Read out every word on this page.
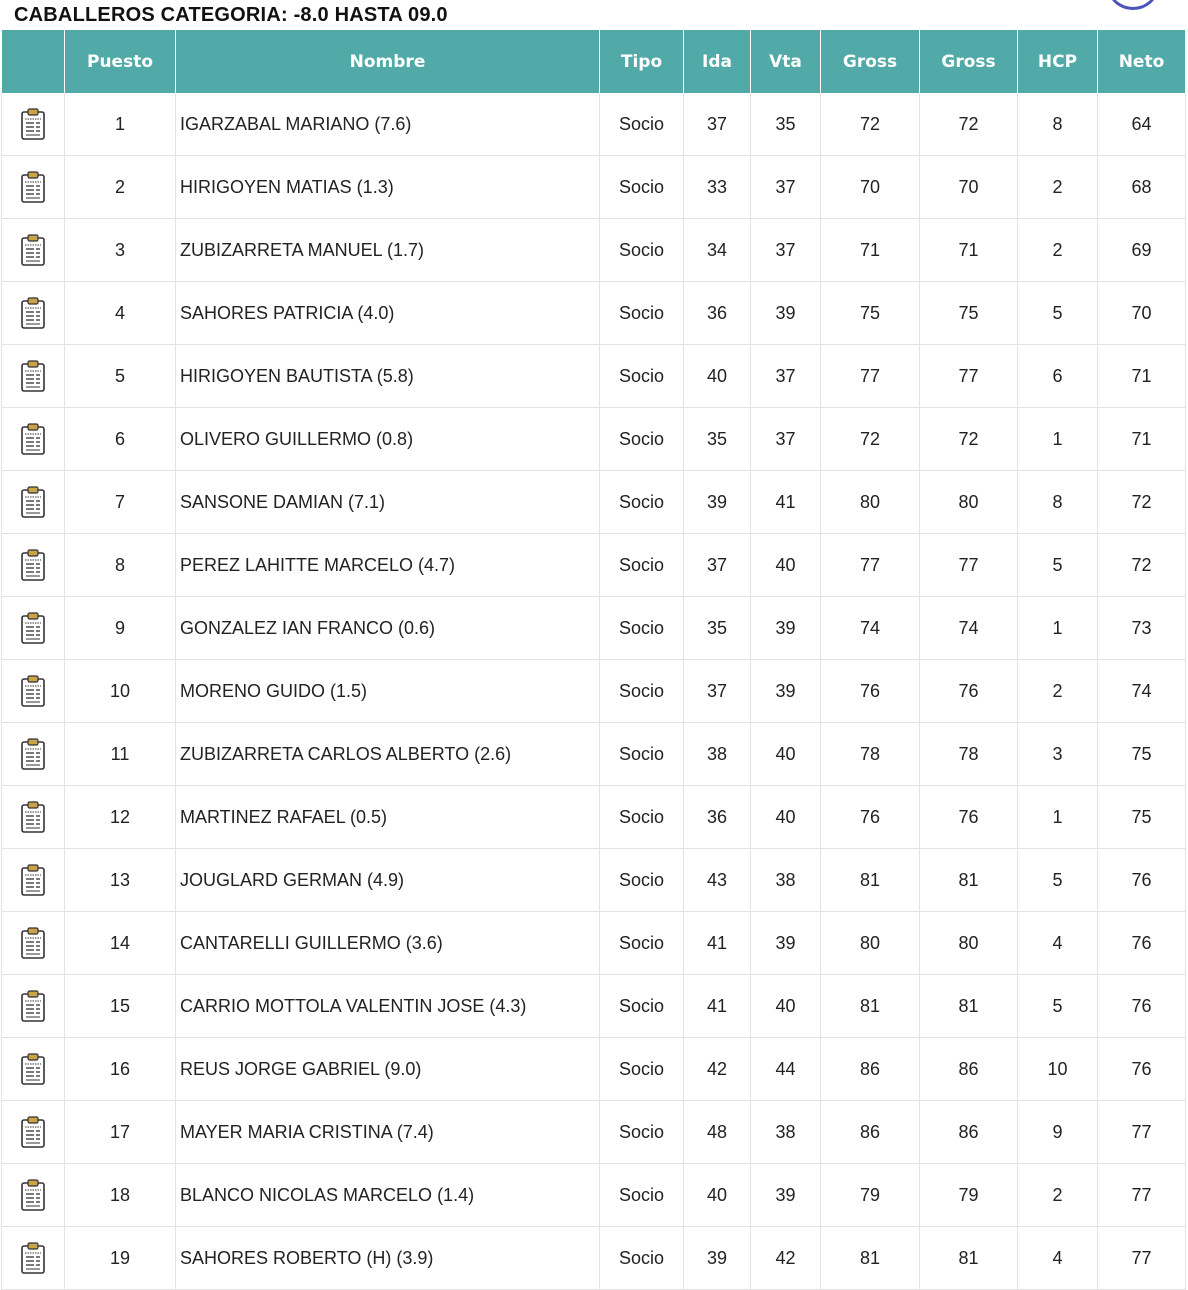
CABALLEROS CATEGORIA: -8.0 HASTA 09.0
	Puesto	Nombre	Tipo	Ida	Vta	Gross	Gross	HCP	Neto
	1	IGARZABAL MARIANO (7.6)	Socio	37	35	72	72	8	64
	2	HIRIGOYEN MATIAS (1.3)	Socio	33	37	70	70	2	68
	3	ZUBIZARRETA MANUEL (1.7)	Socio	34	37	71	71	2	69
	4	SAHORES PATRICIA (4.0)	Socio	36	39	75	75	5	70
	5	HIRIGOYEN BAUTISTA (5.8)	Socio	40	37	77	77	6	71
	6	OLIVERO GUILLERMO (0.8)	Socio	35	37	72	72	1	71
	7	SANSONE DAMIAN (7.1)	Socio	39	41	80	80	8	72
	8	PEREZ LAHITTE MARCELO (4.7)	Socio	37	40	77	77	5	72
	9	GONZALEZ IAN FRANCO (0.6)	Socio	35	39	74	74	1	73
	10	MORENO GUIDO (1.5)	Socio	37	39	76	76	2	74
	11	ZUBIZARRETA CARLOS ALBERTO (2.6)	Socio	38	40	78	78	3	75
	12	MARTINEZ RAFAEL (0.5)	Socio	36	40	76	76	1	75
	13	JOUGLARD GERMAN (4.9)	Socio	43	38	81	81	5	76
	14	CANTARELLI GUILLERMO (3.6)	Socio	41	39	80	80	4	76
	15	CARRIO MOTTOLA VALENTIN JOSE (4.3)	Socio	41	40	81	81	5	76
	16	REUS JORGE GABRIEL (9.0)	Socio	42	44	86	86	10	76
	17	MAYER MARIA CRISTINA (7.4)	Socio	48	38	86	86	9	77
	18	BLANCO NICOLAS MARCELO (1.4)	Socio	40	39	79	79	2	77
	19	SAHORES ROBERTO (H) (3.9)	Socio	39	42	81	81	4	77
